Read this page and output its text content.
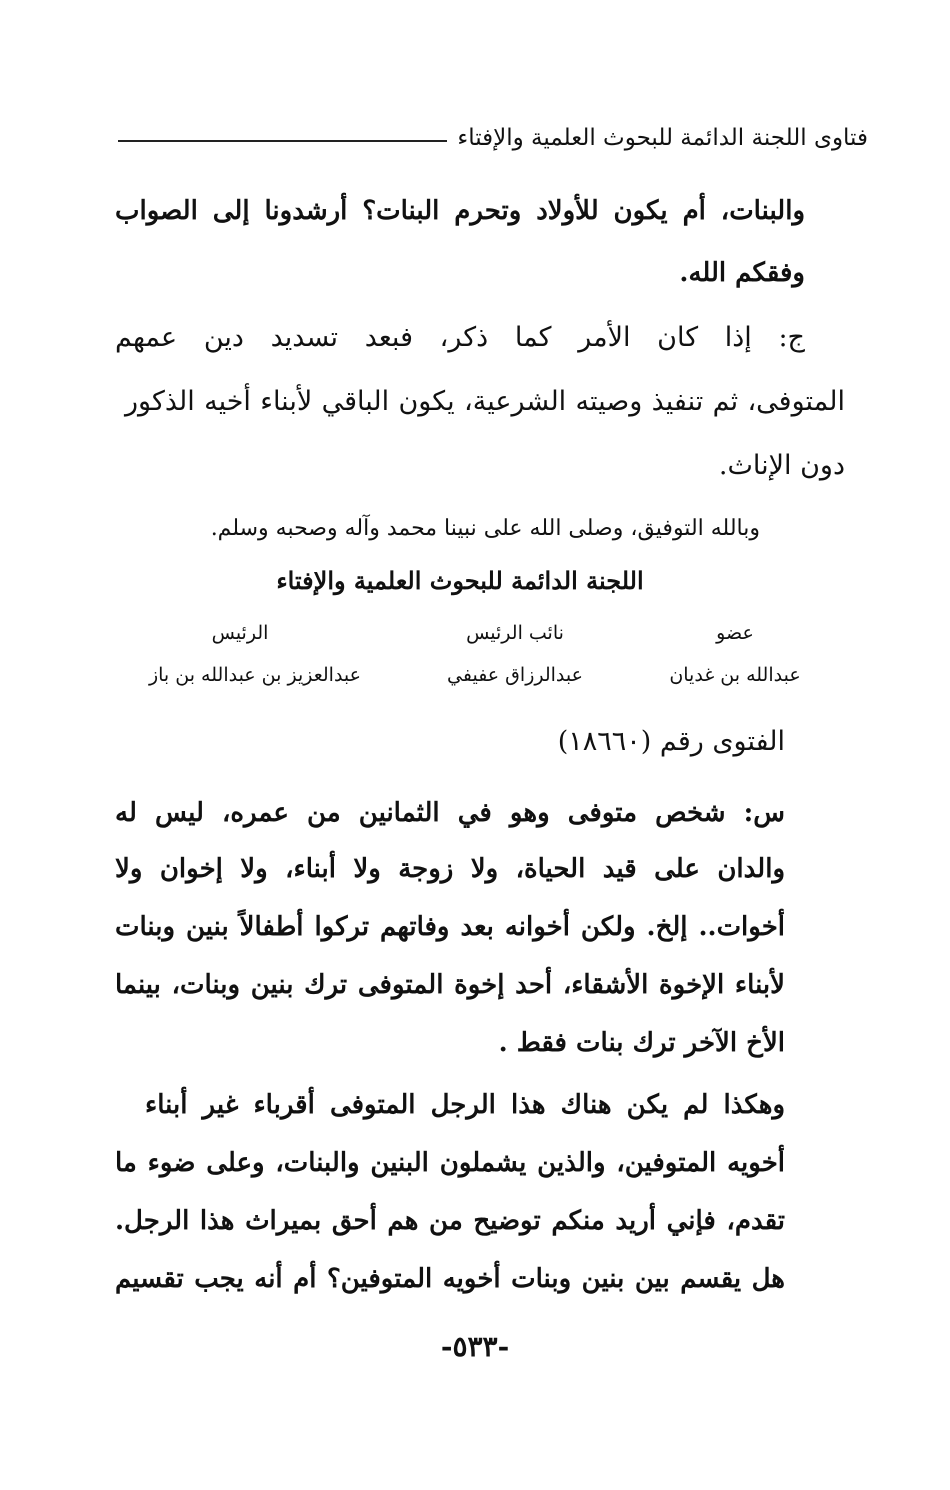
فتاوى اللجنة الدائمة للبحوث العلمية والإفتاء
والبنات، أم يكون للأولاد وتحرم البنات؟ أرشدونا إلى الصواب
وفقكم الله.
ج: إذا كان الأمر كما ذكر، فبعد تسديد دين عمهم
المتوفى، ثم تنفيذ وصيته الشرعية، يكون الباقي لأبناء أخيه الذكور
دون الإناث.
وبالله التوفيق، وصلى الله على نبينا محمد وآله وصحبه وسلم.
اللجنة الدائمة للبحوث العلمية والإفتاء
عضو
نائب الرئيس
الرئيس
عبدالله بن غديان
عبدالرزاق عفيفي
عبدالعزيز بن عبدالله بن باز
الفتوى رقم (١٨٦٦٠)
س: شخص متوفى وهو في الثمانين من عمره، ليس له
والدان على قيد الحياة، ولا زوجة ولا أبناء، ولا إخوان ولا
أخوات.. إلخ. ولكن أخوانه بعد وفاتهم تركوا أطفالاً بنين وبنات
لأبناء الإخوة الأشقاء، أحد إخوة المتوفى ترك بنين وبنات، بينما
الأخ الآخر ترك بنات فقط .
وهكذا لم يكن هناك هذا الرجل المتوفى أقرباء غير أبناء
أخويه المتوفين، والذين يشملون البنين والبنات، وعلى ضوء ما
تقدم، فإني أريد منكم توضيح من هم أحق بميراث هذا الرجل.
هل يقسم بين بنين وبنات أخويه المتوفين؟ أم أنه يجب تقسيم
-٥٣٣-
